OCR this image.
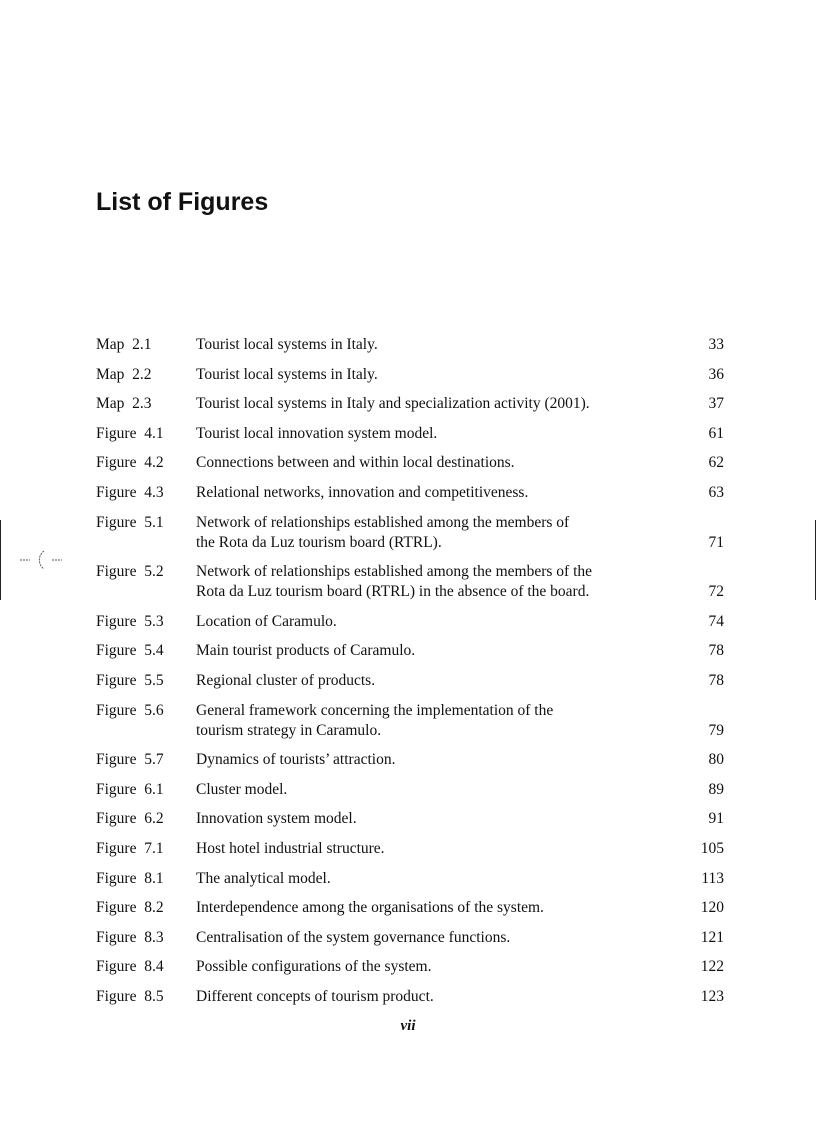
List of Figures
Map  2.1	Tourist local systems in Italy.	33
Map  2.2	Tourist local systems in Italy.	36
Map  2.3	Tourist local systems in Italy and specialization activity (2001).	37
Figure  4.1	Tourist local innovation system model.	61
Figure  4.2	Connections between and within local destinations.	62
Figure  4.3	Relational networks, innovation and competitiveness.	63
Figure  5.1	Network of relationships established among the members of
the Rota da Luz tourism board (RTRL).	71
Figure  5.2	Network of relationships established among the members of the
Rota da Luz tourism board (RTRL) in the absence of the board.	72
Figure  5.3	Location of Caramulo.	74
Figure  5.4	Main tourist products of Caramulo.	78
Figure  5.5	Regional cluster of products.	78
Figure  5.6	General framework concerning the implementation of the
tourism strategy in Caramulo.	79
Figure  5.7	Dynamics of tourists’ attraction.	80
Figure  6.1	Cluster model.	89
Figure  6.2	Innovation system model.	91
Figure  7.1	Host hotel industrial structure.	105
Figure  8.1	The analytical model.	113
Figure  8.2	Interdependence among the organisations of the system.	120
Figure  8.3	Centralisation of the system governance functions.	121
Figure  8.4	Possible configurations of the system.	122
Figure  8.5	Different concepts of tourism product.	123
vii
